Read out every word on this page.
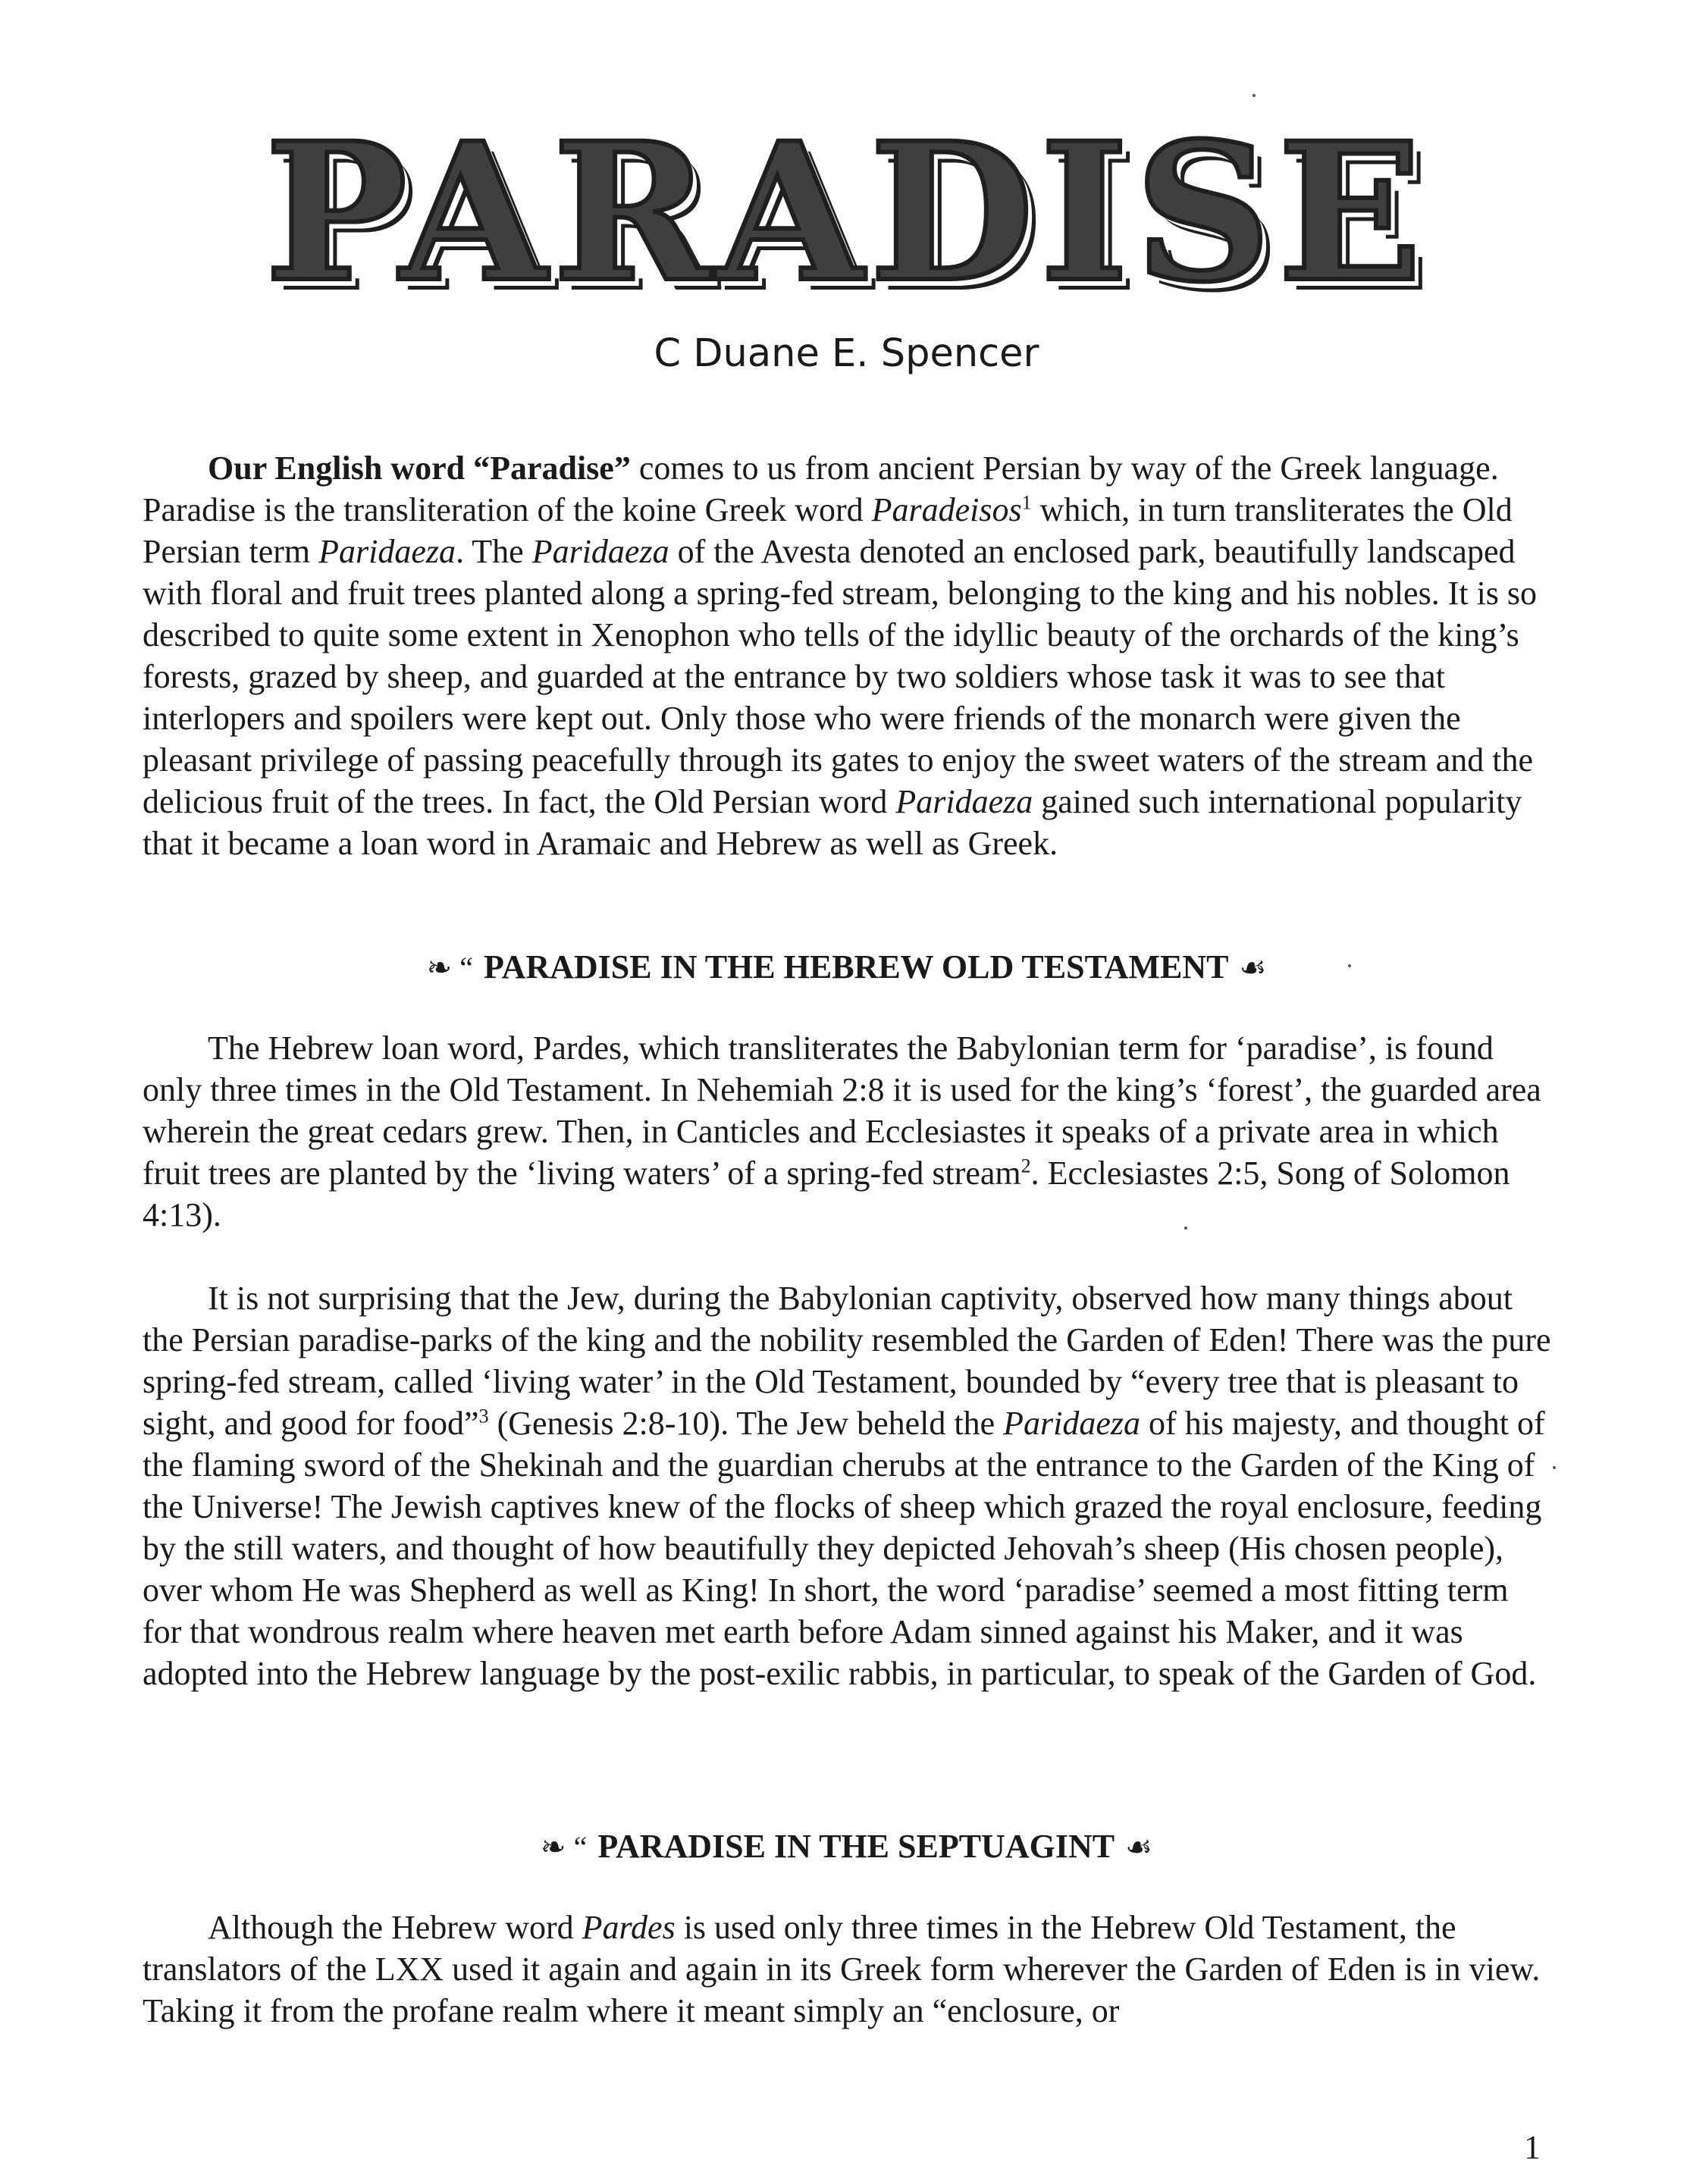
PARADISE
C Duane E. Spencer

Our English word “Paradise” comes to us from ancient Persian by way of the Greek language. Paradise is the transliteration of the koine Greek word Paradeisos$^1$ which, in turn transliterates the Old Persian term Paridaeza. The Paridaeza of the Avesta denoted an enclosed park, beautifully landscaped with floral and fruit trees planted along a spring-fed stream, belonging to the king and his nobles. It is so described to quite some extent in Xenophon who tells of the idyllic beauty of the orchards of the king’s forests, grazed by sheep, and guarded at the entrance by two soldiers whose task it was to see that interlopers and spoilers were kept out. Only those who were friends of the monarch were given the pleasant privilege of passing peacefully through its gates to enjoy the sweet waters of the stream and the delicious fruit of the trees. In fact, the Old Persian word Paridaeza gained such international popularity that it became a loan word in Aramaic and Hebrew as well as Greek.

❧ “ PARADISE IN THE HEBREW OLD TESTAMENT ☙

The Hebrew loan word, Pardes, which transliterates the Babylonian term for ‘paradise’, is found only three times in the Old Testament. In Nehemiah 2:8 it is used for the king’s ‘forest’, the guarded area wherein the great cedars grew. Then, in Canticles and Ecclesiastes it speaks of a private area in which fruit trees are planted by the ‘living waters’ of a spring-fed stream$^2$. Ecclesiastes 2:5, Song of Solomon 4:13).

It is not surprising that the Jew, during the Babylonian captivity, observed how many things about the Persian paradise-parks of the king and the nobility resembled the Garden of Eden! There was the pure spring-fed stream, called ‘living water’ in the Old Testament, bounded by “every tree that is pleasant to sight, and good for food”$^3$ (Genesis 2:8-10). The Jew beheld the Paridaeza of his majesty, and thought of the flaming sword of the Shekinah and the guardian cherubs at the entrance to the Garden of the King of the Universe! The Jewish captives knew of the flocks of sheep which grazed the royal enclosure, feeding by the still waters, and thought of how beautifully they depicted Jehovah’s sheep (His chosen people), over whom He was Shepherd as well as King! In short, the word ‘paradise’ seemed a most fitting term for that wondrous realm where heaven met earth before Adam sinned against his Maker, and it was adopted into the Hebrew language by the post-exilic rabbis, in particular, to speak of the Garden of God.

❧ “ PARADISE IN THE SEPTUAGINT ☙

Although the Hebrew word Pardes is used only three times in the Hebrew Old Testament, the translators of the LXX used it again and again in its Greek form wherever the Garden of Eden is in view. Taking it from the profane realm where it meant simply an “enclosure, or

1
